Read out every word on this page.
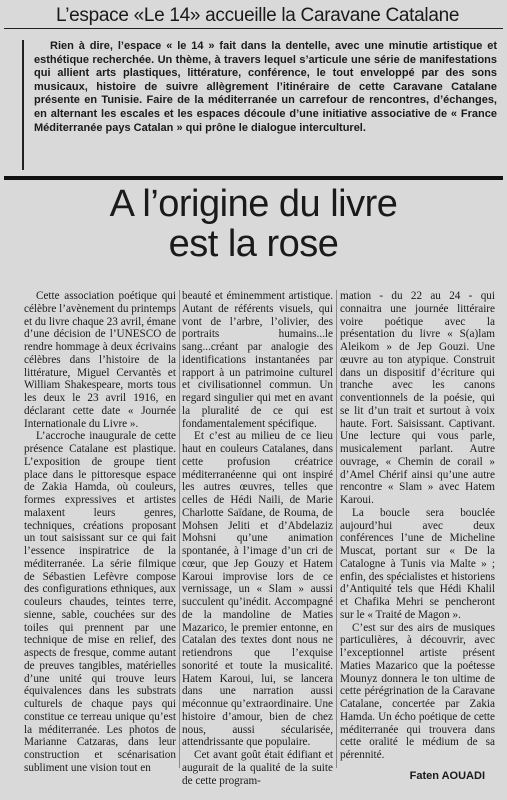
L’espace «Le 14» accueille la Caravane Catalane
Rien à dire, l’espace « le 14 » fait dans la dentelle, avec une minutie artistique et esthétique recherchée. Un thème, à travers lequel s’articule une série de manifestations qui allient arts plastiques, littérature, conférence, le tout enveloppé par des sons musicaux, histoire de suivre allègrement l’itinéraire de cette Caravane Catalane présente en Tunisie. Faire de la méditerranée un carrefour de rencontres, d’échanges, en alternant les escales et les espaces découle d’une initiative associative de « France Méditerranée pays Catalan » qui prône le dialogue interculturel.
A l’origine du livre
est la rose

Cette association poétique qui célèbre l’avènement du printemps et du livre chaque 23 avril, émane d’une décision de l’UNESCO de rendre hommage à deux écrivains célèbres dans l’histoire de la littérature, Miguel Cervantès et William Shakespeare, morts tous les deux le 23 avril 1916, en déclarant cette date « Journée Internationale du Livre ».

L’accroche inaugurale de cette présence Catalane est plastique. L’exposition de groupe tient place dans le pittoresque espace de Zakia Hamda, où couleurs, formes expressives et artistes malaxent leurs genres, techniques, créations proposant un tout saisissant sur ce qui fait l’essence inspiratrice de la méditerranée. La série filmique de Sébastien Lefèvre compose des configurations ethniques, aux couleurs chaudes, teintes terre, sienne, sable, couchées sur des toiles qui prennent par une technique de mise en relief, des aspects de fresque, comme autant de preuves tangibles, matérielles d’une unité qui trouve leurs équivalences dans les substrats culturels de chaque pays qui constitue ce terreau unique qu’est la méditerranée. Les photos de Marianne Catzaras, dans leur construction et scénarisation subliment une vision tout en

beauté et éminemment artistique. Autant de référents visuels, qui vont de l’arbre, l’olivier, des portraits humains...le sang...créant par analogie des identifications instantanées par rapport à un patrimoine culturel et civilisationnel commun. Un regard singulier qui met en avant la pluralité de ce qui est fondamentalement spécifique.

Et c’est au milieu de ce lieu haut en couleurs Catalanes, dans cette profusion créatrice méditerranéenne qui ont inspiré les autres œuvres, telles que celles de Hédi Naili, de Marie Charlotte Saïdane, de Rouma, de Mohsen Jeliti et d’Abdelaziz Mohsni qu’une animation spontanée, à l’image d’un cri de cœur, que Jep Gouzy et Hatem Karoui improvise lors de ce vernissage, un « Slam » aussi succulent qu’inédit. Accompagné de la mandoline de Maties Mazarico, le premier entonne, en Catalan des textes dont nous ne retiendrons que l’exquise sonorité et toute la musicalité. Hatem Karoui, lui, se lancera dans une narration aussi méconnue qu’extraordinaire. Une histoire d’amour, bien de chez nous, aussi sécularisée, attendrissante que populaire.

Cet avant goût était édifiant et augurait de la qualité de la suite de cette program-

mation - du 22 au 24 - qui connaitra une journée littéraire voire poétique avec la présentation du livre « S(a)lam Aleikom » de Jep Gouzi. Une œuvre au ton atypique. Construit dans un dispositif d’écriture qui tranche avec les canons conventionnels de la poésie, qui se lit d’un trait et surtout à voix haute. Fort. Saisissant. Captivant. Une lecture qui vous parle, musicalement parlant. Autre ouvrage, « Chemin de corail » d’Amel Chérif ainsi qu’une autre rencontre « Slam » avec Hatem Karoui.

La boucle sera bouclée aujourd’hui avec deux conférences l’une de Micheline Muscat, portant sur « De la Catalogne à Tunis via Malte » ; enfin, des spécialistes et historiens d’Antiquité tels que Hédi Khalil et Chafika Mehri se pencheront sur le « Traité de Magon ».

C’est sur des airs de musiques particulières, à découvrir, avec l’exceptionnel artiste présent Maties Mazarico que la poétesse Mounyz donnera le ton ultime de cette pérégrination de la Caravane Catalane, concertée par Zakia Hamda. Un écho poétique de cette méditerranée qui trouvera dans cette oralité le médium de sa pérennité.

Faten AOUADI
